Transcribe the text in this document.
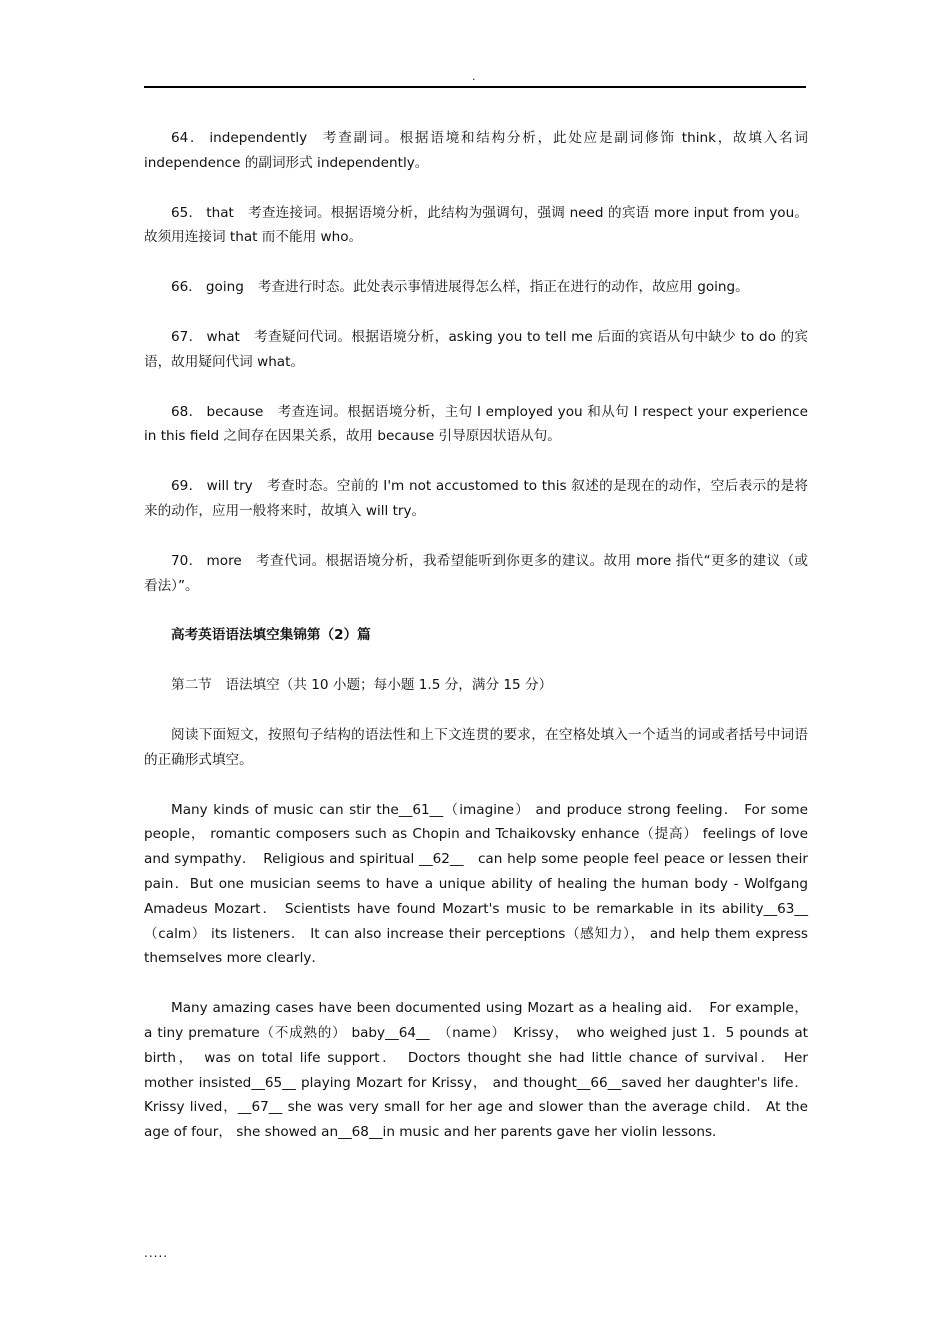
.

64． independently 考查副词。根据语境和结构分析，此处应是副词修饰 think，故填入名词 independence 的副词形式 independently。

65． that 考查连接词。根据语境分析，此结构为强调句，强调 need 的宾语 more input from you。故须用连接词 that 而不能用 who。

66． going 考查进行时态。此处表示事情进展得怎么样，指正在进行的动作，故应用 going。

67． what 考查疑问代词。根据语境分析，asking you to tell me 后面的宾语从句中缺少 to do 的宾语，故用疑问代词 what。

68． because 考查连词。根据语境分析，主句 I employed you 和从句 I respect your experience in this field 之间存在因果关系，故用 because 引导原因状语从句。

69． will try 考查时态。空前的 I'm not accustomed to this 叙述的是现在的动作，空后表示的是将来的动作，应用一般将来时，故填入 will try。

70． more 考查代词。根据语境分析，我希望能听到你更多的建议。故用 more 指代“更多的建议（或看法）”。

高考英语语法填空集锦第（2）篇

第二节　语法填空（共 10 小题；每小题 1.5 分，满分 15 分）

阅读下面短文，按照句子结构的语法性和上下文连贯的要求，在空格处填入一个适当的词或者括号中词语的正确形式填空。

Many kinds of music can stir the__61__（imagine） and produce strong feeling． For some people， romantic composers such as Chopin and Tchaikovsky enhance（提高） feelings of love and sympathy．　Religious and spiritual __62__　can help some people feel peace or lessen their pain．But one musician seems to have a unique ability of healing the human body - Wolfgang Amadeus Mozart． Scientists have found Mozart's music to be remarkable in its ability__63__（calm） its listeners． It can also increase their perceptions（感知力）， and help them express themselves more clearly．

Many amazing cases have been documented using Mozart as a healing aid．　For example， a tiny premature（不成熟的） baby__64__　（name）　Krissy，　who weighed just 1．5 pounds at birth，　was on total life support．　Doctors thought she had little chance of survival． Her mother insisted__65__ playing Mozart for Krissy， and thought__66__saved her daughter's life． Krissy lived，__67__ she was very small for her age and slower than the average child． At the age of four， she showed an__68__in music and her parents gave her violin lessons．

.....
